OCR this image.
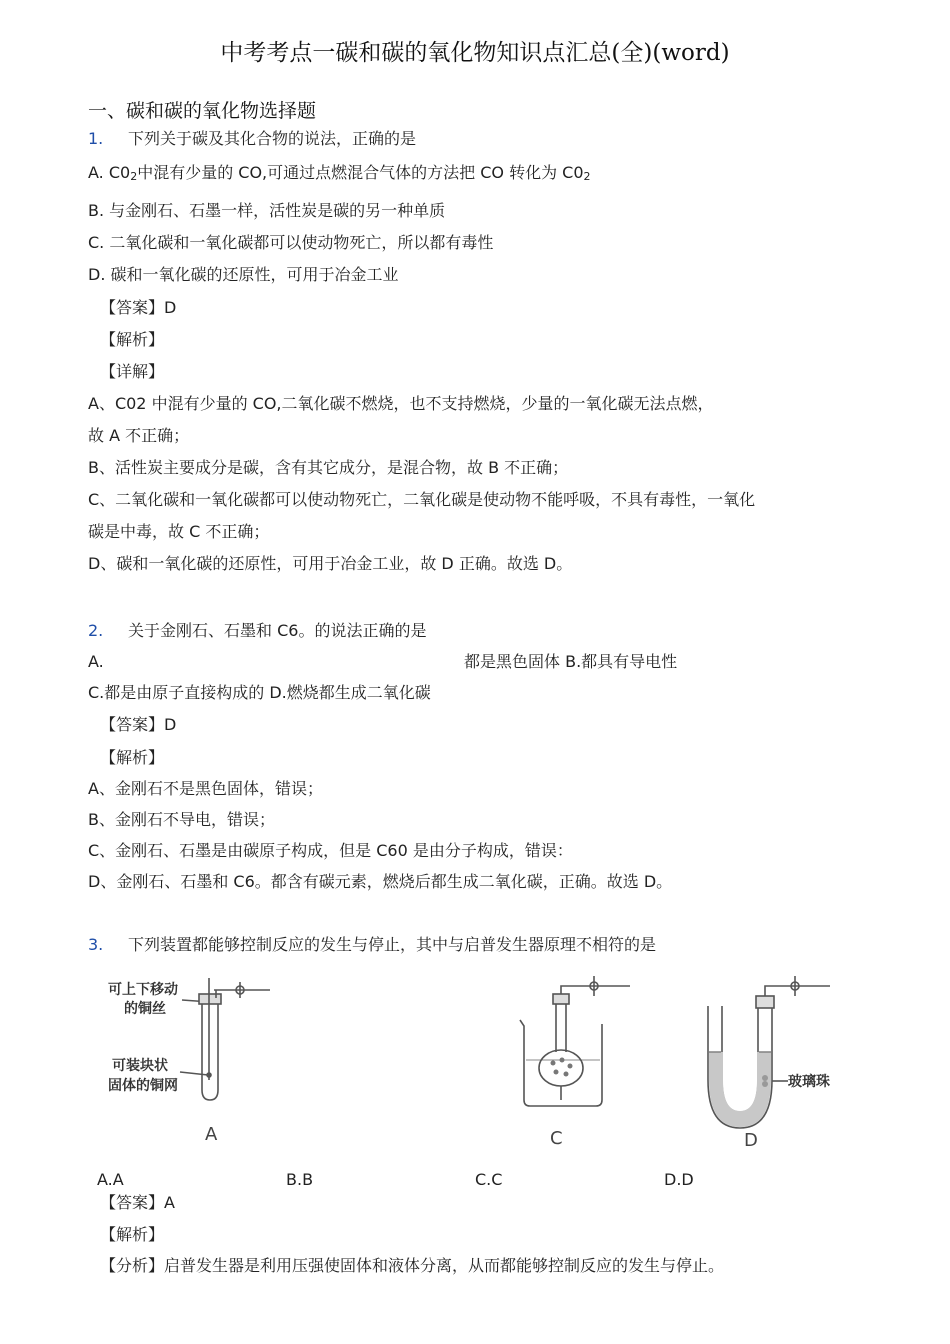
中考考点一碳和碳的氧化物知识点汇总(全)(word)
一、碳和碳的氧化物选择题
1. 下列关于碳及其化合物的说法，正确的是
A. C02中混有少量的 CO,可通过点燃混合气体的方法把 CO 转化为 C02
B. 与金刚石、石墨一样，活性炭是碳的另一种单质
C. 二氧化碳和一氧化碳都可以使动物死亡，所以都有毒性
D. 碳和一氧化碳的还原性，可用于冶金工业
【答案】D
【解析】
【详解】
A、C02 中混有少量的 CO,二氧化碳不燃烧，也不支持燃烧，少量的一氧化碳无法点燃，
故 A 不正确；
B、活性炭主要成分是碳，含有其它成分，是混合物，故 B 不正确；
C、二氧化碳和一氧化碳都可以使动物死亡，二氧化碳是使动物不能呼吸，不具有毒性，一氧化
碳是中毒，故 C 不正确；
D、碳和一氧化碳的还原性，可用于冶金工业，故 D 正确。故选 D。
2. 关于金刚石、石墨和 C6。的说法正确的是
A.	都是黑色固体 B.都具有导电性
C.都是由原子直接构成的 D.燃烧都生成二氧化碳
【答案】D
【解析】
A、金刚石不是黑色固体，错误；
B、金刚石不导电，错误；
C、金刚石、石墨是由碳原子构成，但是 C60 是由分子构成，错误：
D、金刚石、石墨和 C6。都含有碳元素，燃烧后都生成二氧化碳，正确。故选 D。
3. 下列装置都能够控制反应的发生与停止，其中与启普发生器原理不相符的是
可上下移动
的铜丝
可装块状
固体的铜网
A	C
玻璃珠
D
A.A	B.B	C.C	D.D
【答案】A
【解析】
【分析】启普发生器是利用压强使固体和液体分离，从而都能够控制反应的发生与停止。
